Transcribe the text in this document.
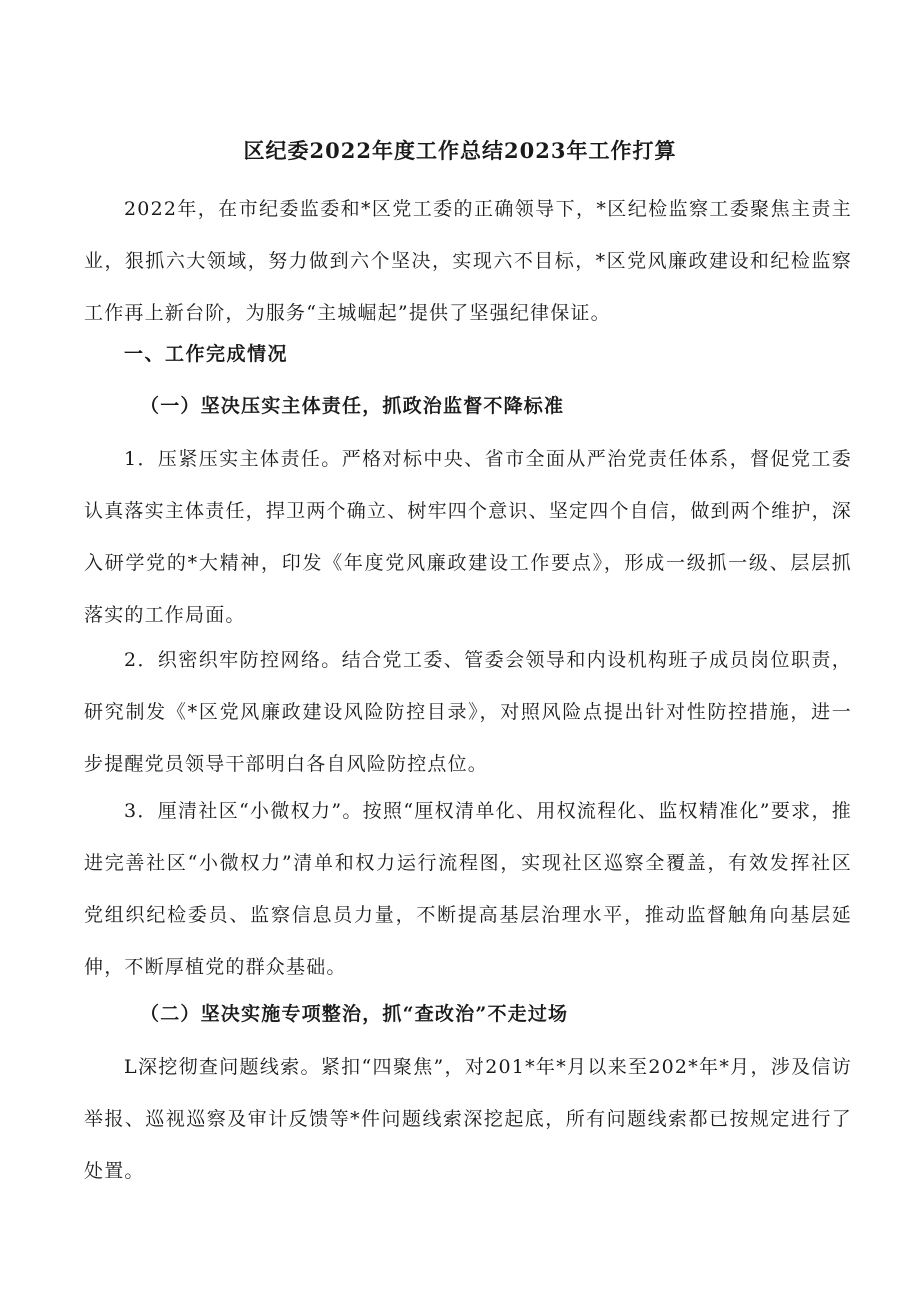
区纪委2022年度工作总结2023年工作打算

2022年，在市纪委监委和*区党工委的正确领导下，*区纪检监察工委聚焦主责主业，狠抓六大领域，努力做到六个坚决，实现六不目标，*区党风廉政建设和纪检监察工作再上新台阶，为服务“主城崛起”提供了坚强纪律保证。

一、工作完成情况
（一）坚决压实主体责任，抓政治监督不降标准

1．压紧压实主体责任。严格对标中央、省市全面从严治党责任体系，督促党工委认真落实主体责任，捍卫两个确立、树牢四个意识、坚定四个自信，做到两个维护，深入研学党的*大精神，印发《年度党风廉政建设工作要点》，形成一级抓一级、层层抓落实的工作局面。

2．织密织牢防控网络。结合党工委、管委会领导和内设机构班子成员岗位职责，研究制发《*区党风廉政建设风险防控目录》，对照风险点提出针对性防控措施，进一步提醒党员领导干部明白各自风险防控点位。

3．厘清社区“小微权力”。按照“厘权清单化、用权流程化、监权精准化”要求，推进完善社区“小微权力”清单和权力运行流程图，实现社区巡察全覆盖，有效发挥社区党组织纪检委员、监察信息员力量，不断提高基层治理水平，推动监督触角向基层延伸，不断厚植党的群众基础。

（二）坚决实施专项整治，抓“查改治”不走过场

L深挖彻查问题线索。紧扣“四聚焦”，对201*年*月以来至202*年*月，涉及信访举报、巡视巡察及审计反馈等*件问题线索深挖起底，所有问题线索都已按规定进行了处置。
